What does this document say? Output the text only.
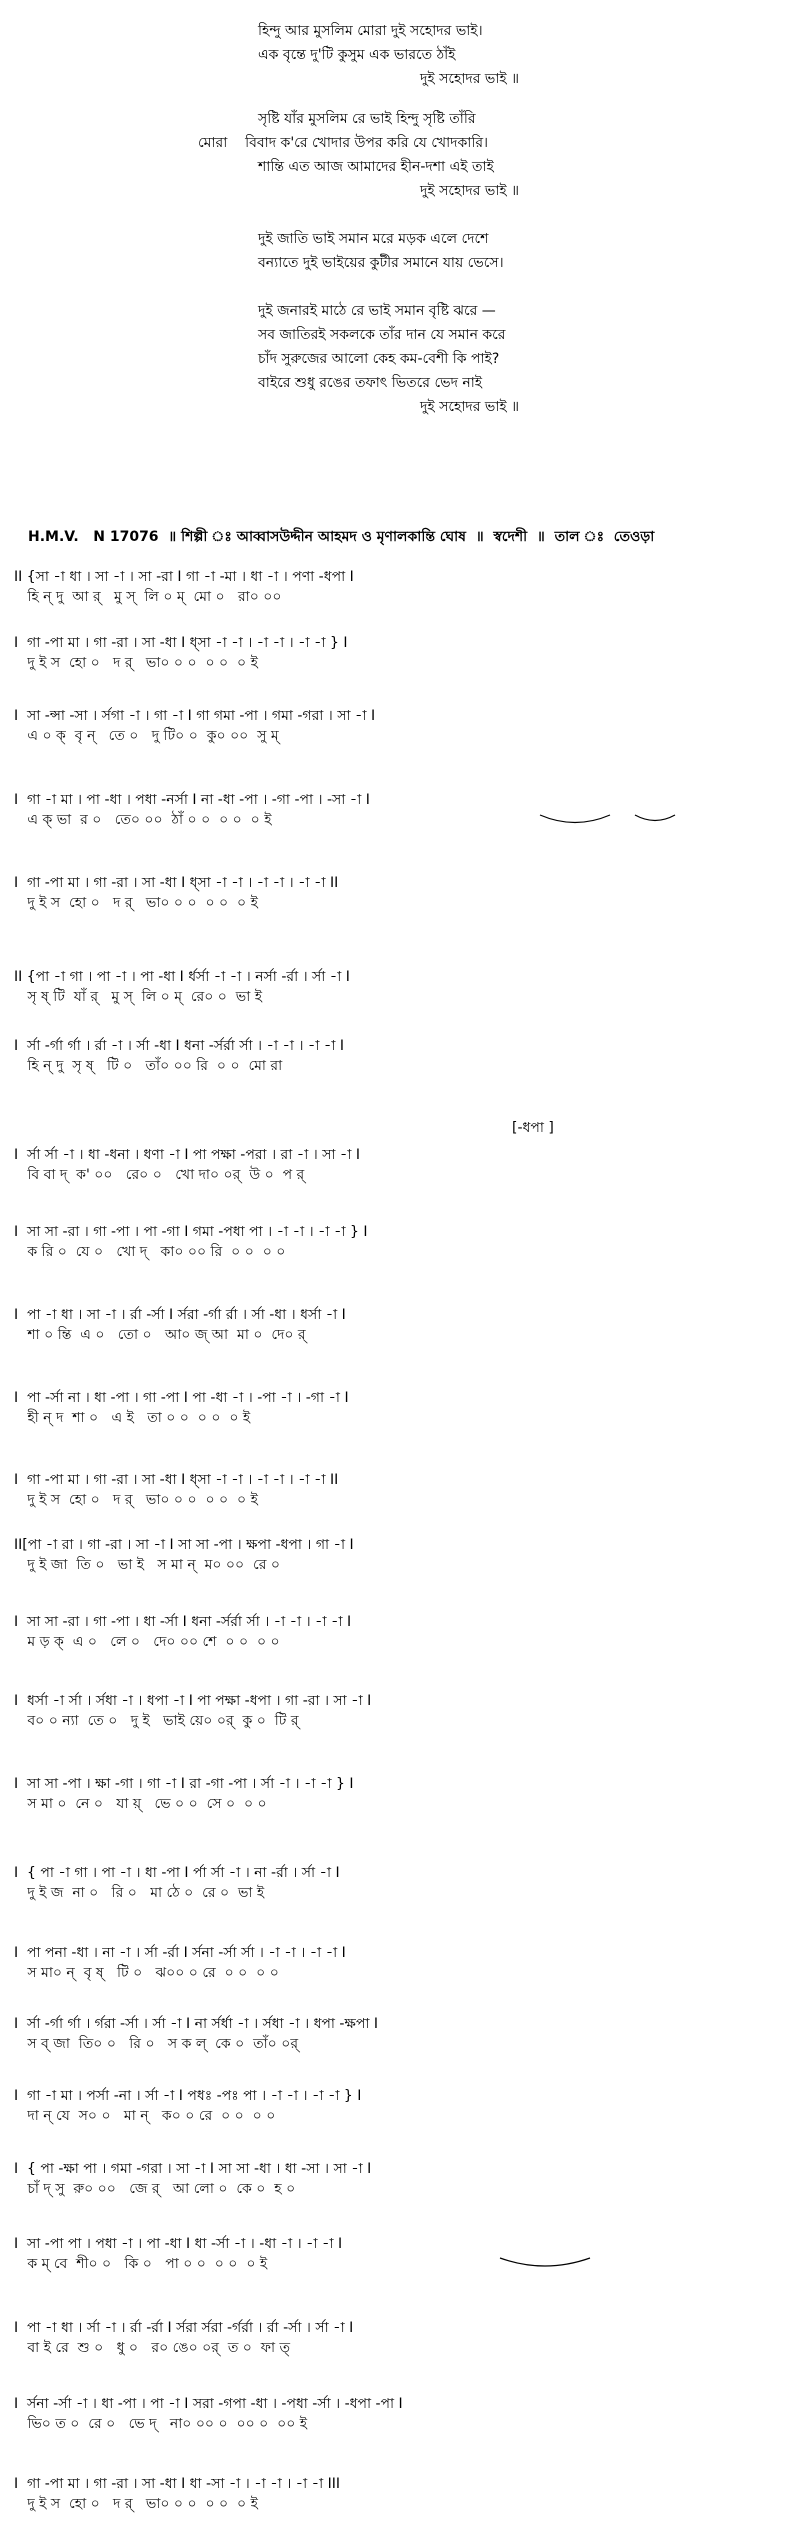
হিন্দু আর মুসলিম মোরা দুই সহোদর ভাই।
এক বৃন্তে দু'টি কুসুম এক ভারতে ঠাঁই
দুই সহোদর ভাই ॥
সৃষ্টি যাঁর মুসলিম রে ভাই হিন্দু সৃষ্টি তাঁরি
মোরা    বিবাদ ক'রে খোদার উপর করি যে খোদকারি।
শান্তি এত আজ আমাদের হীন-দশা এই তাই
দুই সহোদর ভাই ॥
দুই জাতি ভাই সমান মরে মড়ক এলে দেশে
বন্যাতে দুই ভাইয়ের কুটীর সমানে যায় ভেসে।
দুই জনারই মাঠে রে ভাই সমান বৃষ্টি ঝরে —
সব জাতিরই সকলকে তাঁর দান যে সমান করে
চাঁদ সুরুজের আলো কেহ কম-বেশী কি পাই?
বাইরে শুধু রঙের তফাৎ ভিতরে ভেদ নাই
দুই সহোদর ভাই ॥
H.M.V.   N 17076  ॥ শিল্পী ঃ আব্বাসউদ্দীন আহমদ ও মৃণালকান্তি ঘোষ  ॥  স্বদেশী  ॥  তাল ঃ  তেওড়া
[-ধপা ]
II {সা -া ধা । সা -া । সা -রা I গা -া -মা । ধা -া । পণা -ধপা I
হি ন্ দু  আ র্   মু স্  লি ০ ম্  মো ০   রা০ ০০
I  গা -পা মা । গা -রা । সা -ধা I ধ্সা -া -া । -া -া । -া -া } I
দু ই স  হো ০   দ র্   ভা০ ০ ০  ০ ০  ০ ই
I  সা -ন্সা -সা । র্সগা -া । গা -া I গা গমা -পা । গমা -গরা । সা -া I
এ ০ ক্  বৃ ন্   তে ০   দু টি০ ০  কু০ ০০  সু ম্
I  গা -া মা । পা -ধা । পধা -নর্সা I না -ধা -পা । -গা -পা । -সা -া I
এ ক্ ভা  র ০   তে০ ০০  ঠাঁ ০ ০  ০ ০  ০ ই
I  গা -পা মা । গা -রা । সা -ধা I ধ্সা -া -া । -া -া । -া -া II
দু ই স  হো ০   দ র্   ভা০ ০ ০  ০ ০  ০ ই
II {পা -া গা । পা -া । পা -ধা I র্ধর্সা -া -া । নর্সা -র্রা । র্সা -া I
সৃ ষ্ টি  যাঁ র্   মু স্  লি ০ ম্  রে০ ০  ভা ই
I  র্সা -র্গা র্গা । র্রা -া । র্সা -ধা I ধনা -র্সর্রা র্সা । -া -া । -া -া I
হি ন্ দু  সৃ ষ্   টি ০   তাঁ০ ০০ রি  ০ ০  মো রা
I  র্সা র্সা -া । ধা -ধনা । ধণা -া I পা পক্ষা -পরা । রা -া । সা -া I
বি বা দ্  ক' ০০   রে০ ০   খো দা০ ০র্  উ ০  প র্
I  সা সা -রা । গা -পা । পা -গা I গমা -পধা পা । -া -া । -া -া } I
ক রি ০  যে ০   খো দ্   কা০ ০০ রি  ০ ০  ০ ০
I  পা -া ধা । সা -া । র্রা -র্সা I র্সরা -র্গা র্রা । র্সা -ধা । ধর্সা -া I
শা ০ ন্তি  এ ০   তো ০   আ০ জ্ আ  মা ০  দে০ র্
I  পা -র্সা না । ধা -পা । গা -পা I পা -ধা -া । -পা -া । -গা -া I
হী ন্ দ  শা ০   এ ই   তা ০ ০  ০ ০  ০ ই
I  গা -পা মা । গা -রা । সা -ধা I ধ্সা -া -া । -া -া । -া -া II
দু ই স  হো ০   দ র্   ভা০ ০ ০  ০ ০  ০ ই
II[পা -া রা । গা -রা । সা -া I সা সা -পা । ক্ষপা -ধপা । গা -া I
দু ই জা  তি ০   ভা ই   স মা ন্  ম০ ০০  রে ০
I  সা সা -রা । গা -পা । ধা -র্সা I ধনা -র্সর্রা র্সা । -া -া । -া -া I
ম ড় ক্  এ ০   লে ০   দে০ ০০ শে  ০ ০  ০ ০
I  ধর্সা -া র্সা । র্সধা -া । ধপা -া I পা পক্ষা -ধপা । গা -রা । সা -া I
ব০ ০ ন্যা  তে ০   দু ই   ভাই য়ে০ ০র্  কু ০  টি র্
I  সা সা -পা । ক্ষা -গা । গা -া I রা -গা -পা । র্সা -া । -া -া } I
স মা ০  নে ০   যা য়্   ভে ০ ০  সে ০  ০ ০
I  { পা -া গা । পা -া । ধা -পা I র্পা র্সা -া । না -র্রা । র্সা -া I
দু ই জ  না ০   রি ০   মা ঠে ০  রে ০  ভা ই
I  পা পনা -ধা । না -া । র্সা -র্রা I র্সনা -র্সা র্সা । -া -া । -া -া I
স মা০ ন্  বৃ ষ্   টি ০   ঝ০০ ০ রে  ০ ০  ০ ০
I  র্সা -র্গা র্গা । র্গরা -র্সা । র্সা -া I না র্সর্ধা -া । র্সধা -া । ধপা -ক্ষপা I
স ব্ জা  তি০ ০   রি ০   স ক ল্  কে ০  তাঁ০ ০র্
I  গা -া মা । পর্সা -না । র্সা -া I পধঃ -পঃ পা । -া -া । -া -া } I
দা ন্ যে  স০ ০   মা ন্   ক০ ০ রে  ০ ০  ০ ০
I  { পা -ক্ষা পা । গমা -গরা । সা -া I সা সা -ধা । ধা -সা । সা -া I
চাঁ দ্ সু  রু০ ০০   জে র্   আ লো ০  কে ০  হ ০
I  সা -পা পা । পধা -া । পা -ধা I ধা -র্সা -া । -ধা -া । -া -া I
ক ম্ বে  শী০ ০   কি ০   পা ০ ০  ০ ০  ০ ই
I  পা -া ধা । র্সা -া । র্রা -র্রা I র্সরা র্সরা -র্গর্রা । র্রা -র্সা । র্সা -া I
বা ই রে  শু ০   ধু ০   র০ ঙে০ ০র্  ত ০  ফা ত্
I  র্সনা -র্সা -া । ধা -পা । পা -া I সরা -গপা -ধা । -পধা -র্সা । -ধপা -পা I
ভি০ ত ০  রে ০   ভে দ্   না০ ০০ ০  ০০ ০  ০০ ই
I  গা -পা মা । গা -রা । সা -ধা I ধা -সা -া । -া -া । -া -া III
দু ই স  হো ০   দ র্   ভা০ ০ ০  ০ ০  ০ ই
